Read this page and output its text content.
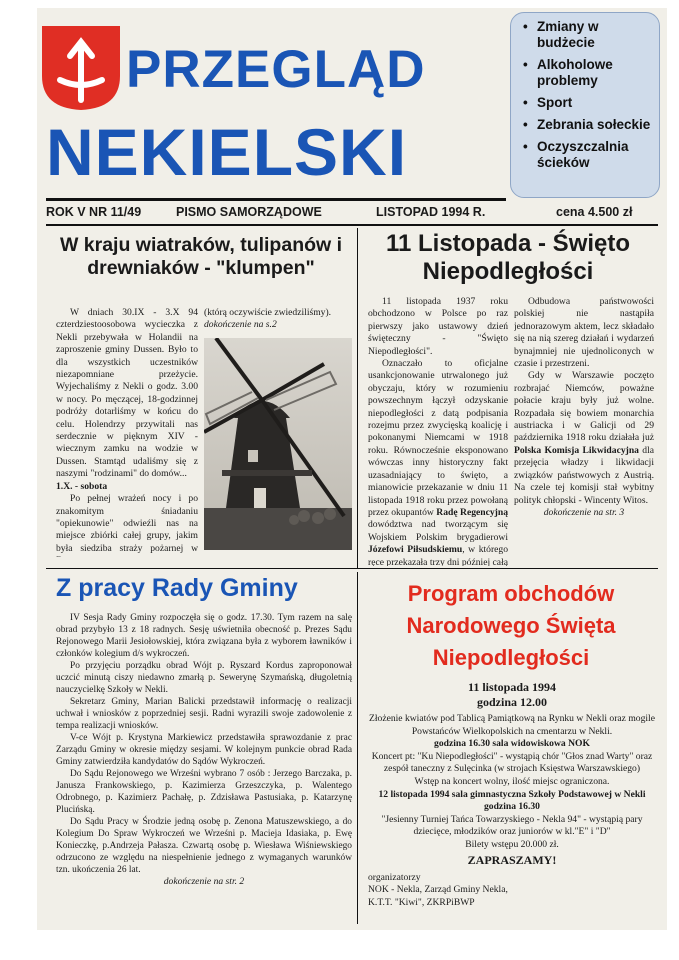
PRZEGLĄD
NEKIELSKI
• Zmiany w budżecie
• Alkoholowe problemy
• Sport
• Zebrania sołeckie
• Oczyszczalnia ścieków
ROK V NR 11/49	PISMO SAMORZĄDOWE	LISTOPAD 1994 R.	cena 4.500 zł
W kraju wiatraków, tulipanów i drewniaków - "klumpen"

W dniach 30.IX - 3.X 94 czterdziestoosobowa wycieczka z Nekli przebywała w Holandii na zaproszenie gminy Dussen. Było to dla wszystkich uczestników niezapomniane przeżycie. Wyjechaliśmy z Nekli o godz. 3.00 w nocy. Po męczącej, 18-godzinnej podróży dotarliśmy w końcu do celu. Holendrzy przywitali nas serdecznie w pięknym XIV - wiecznym zamku na wodzie w Dussen. Stamtąd udaliśmy się z naszymi "rodzinami" do domów...

1.X. - sobota

Po pełnej wrażeń nocy i po znakomitym śniadaniu "opiekunowie" odwieźli nas na miejsce zbiórki całej grupy, jakim była siedziba straży pożarnej w

(którą oczywiście zwiedziliśmy).

dokończenie na s.2

11 Listopada - Święto Niepodległości

11 listopada 1937 roku obchodzono w Polsce po raz pierwszy jako ustawowy dzień święteczny - "Święto Niepodległości".

Oznaczało to oficjalne usankcjonowanie utrwalonego już obyczaju, który w rozumieniu powszechnym łączył odzyskanie niepodległości z datą podpisania rozejmu przez zwycięską koalicję i pokonanymi Niemcami w 1918 roku. Równocześnie eksponowano wówczas inny historyczny fakt uzasadniający to święto, a mianowicie przekazanie w dniu 11 listopada 1918 roku przez powołaną przez okupantów Radę Regencyjną dowództwa nad tworzącym się Wojskiem Polskim brygadierowi Józefowi Piłsudskiemu, w którego ręce przekazała trzy dni później całą

Odbudowa państwowości polskiej nie nastąpiła jednorazowym aktem, lecz składało się na nią szereg działań i wydarzeń bynajmniej nie ujednoliconych w czasie i przestrzeni.

Gdy w Warszawie poczęto rozbrajać Niemców, poważne połacie kraju były już wolne. Rozpadała się bowiem monarchia austriacka i w Galicji od 29 października 1918 roku działała już Polska Komisja Likwidacyjna dla przejęcia władzy i likwidacji związków państwowych z Austrią. Na czele tej komisji stał wybitny polityk chłopski - Wincenty Witos.

dokończenie na str. 3

Z pracy Rady Gminy

IV Sesja Rady Gminy rozpoczęła się o godz. 17.30. Tym razem na salę obrad przybyło 13 z 18 radnych. Sesję uświetniła obecność p. Prezes Sądu Rejonowego Marii Jesiołowskiej, która związana była z wyborem ławników i członków kolegium d/s wykroczeń.

Po przyjęciu porządku obrad Wójt p. Ryszard Kordus zaproponował uczcić minutą ciszy niedawno zmarłą p. Sewerynę Szymańską, długoletnią nauczycielkę Szkoły w Nekli.

Sekretarz Gminy, Marian Balicki przedstawił informację o realizacji uchwał i wniosków z poprzedniej sesji. Radni wyrazili swoje zadowolenie z tempa realizacji wniosków.

V-ce Wójt p. Krystyna Markiewicz przedstawiła sprawozdanie z prac Zarządu Gminy w okresie między sesjami. W kolejnym punkcie obrad Rada Gminy zatwierdziła kandydatów do Sądów Wykroczeń.

Do Sądu Rejonowego we Wrześni wybrano 7 osób : Jerzego Barczaka, p. Janusza Frankowskiego, p. Kazimierza Grzeszczyka, p. Walentego Odrobnego, p. Kazimierz Pachałę, p. Zdzisława Pastusiaka, p. Katarzynę Plucińską.

Do Sądu Pracy w Środzie jedną osobę p. Zenona Matuszewskiego, a do Kolegium Do Spraw Wykroczeń we Wrześni p. Macieja Idasiaka, p. Ewę Konieczkę, p.Andrzeja Pałasza. Czwartą osobę p. Wiesława Wiśniewskiego odrzucono ze względu na niespełnienie jednego z wymaganych warunków tzn. ukończenia 26 lat.

dokończenie na str. 2

Program obchodów Narodowego Święta Niepodległości
11 listopada 1994
godzina 12.00
Złożenie kwiatów pod Tablicą Pamiątkową na Rynku w Nekli oraz mogile Powstańców Wielkopolskich na cmentarzu w Nekli.
godzina 16.30 sala widowiskowa NOK
Koncert pt: "Ku Niepodległości" - wystąpią chór "Głos znad Warty" oraz zespół taneczny z Sulęcinka (w strojach Księstwa Warszawskiego)
Wstęp na koncert wolny, ilość miejsc ograniczona.
12 listopada 1994 sala gimnastyczna Szkoły Podstawowej w Nekli
godzina 16.30
"Jesienny Turniej Tańca Towarzyskiego - Nekla 94" - wystąpią pary dziecięce, młodzików oraz juniorów w kl."E" i "D"
Bilety wstępu 20.000 zł.
ZAPRASZAMY!
organizatorzy
NOK - Nekla, Zarząd Gminy Nekla,
K.T.T. "Kiwi", ZKRPiBWP
